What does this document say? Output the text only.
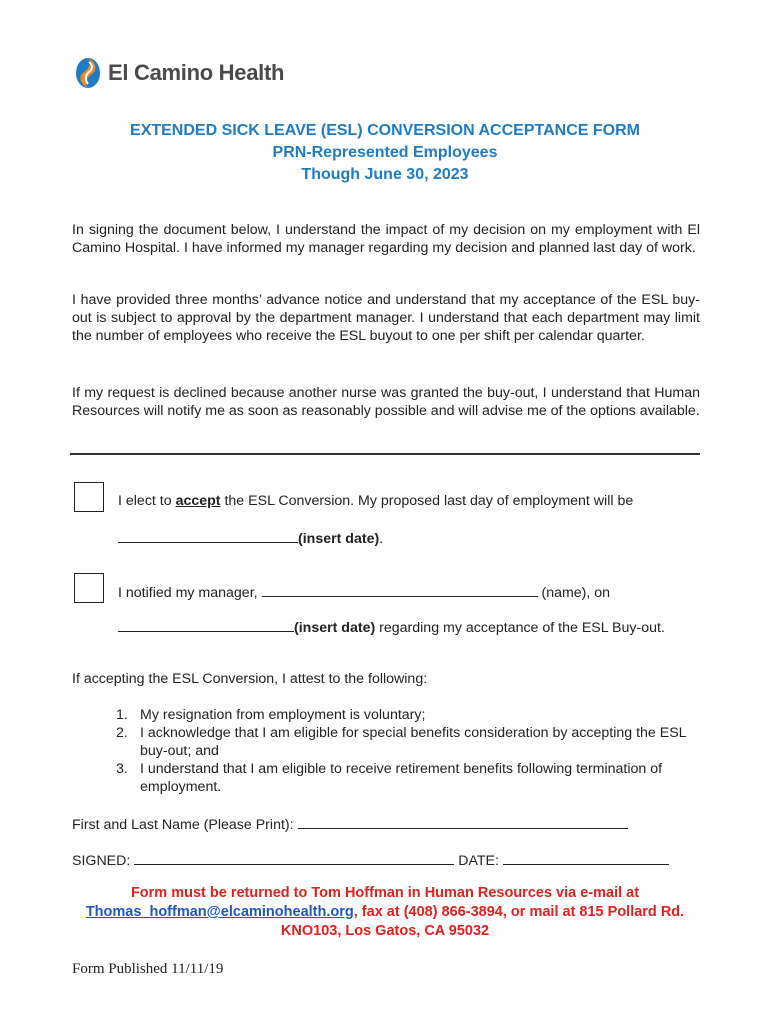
El Camino Health
EXTENDED SICK LEAVE (ESL) CONVERSION ACCEPTANCE FORM
PRN-Represented Employees
Though June 30, 2023
In signing the document below, I understand the impact of my decision on my employment with El Camino Hospital. I have informed my manager regarding my decision and planned last day of work.
I have provided three months’ advance notice and understand that my acceptance of the ESL buy-out is subject to approval by the department manager. I understand that each department may limit the number of employees who receive the ESL buyout to one per shift per calendar quarter.
If my request is declined because another nurse was granted the buy-out, I understand that Human Resources will notify me as soon as reasonably possible and will advise me of the options available.
I elect to accept the ESL Conversion. My proposed last day of employment will be
(insert date).
I notified my manager,	(name), on
(insert date) regarding my acceptance of the ESL Buy-out.
If accepting the ESL Conversion, I attest to the following:
1. My resignation from employment is voluntary;
2. I acknowledge that I am eligible for special benefits consideration by accepting the ESL buy-out; and
3. I understand that I am eligible to receive retirement benefits following termination of employment.
First and Last Name (Please Print):
SIGNED:	DATE:
Form must be returned to Tom Hoffman in Human Resources via e-mail at
Thomas_hoffman@elcaminohealth.org, fax at (408) 866-3894, or mail at 815 Pollard Rd.
KNO103, Los Gatos, CA 95032
Form Published 11/11/19
